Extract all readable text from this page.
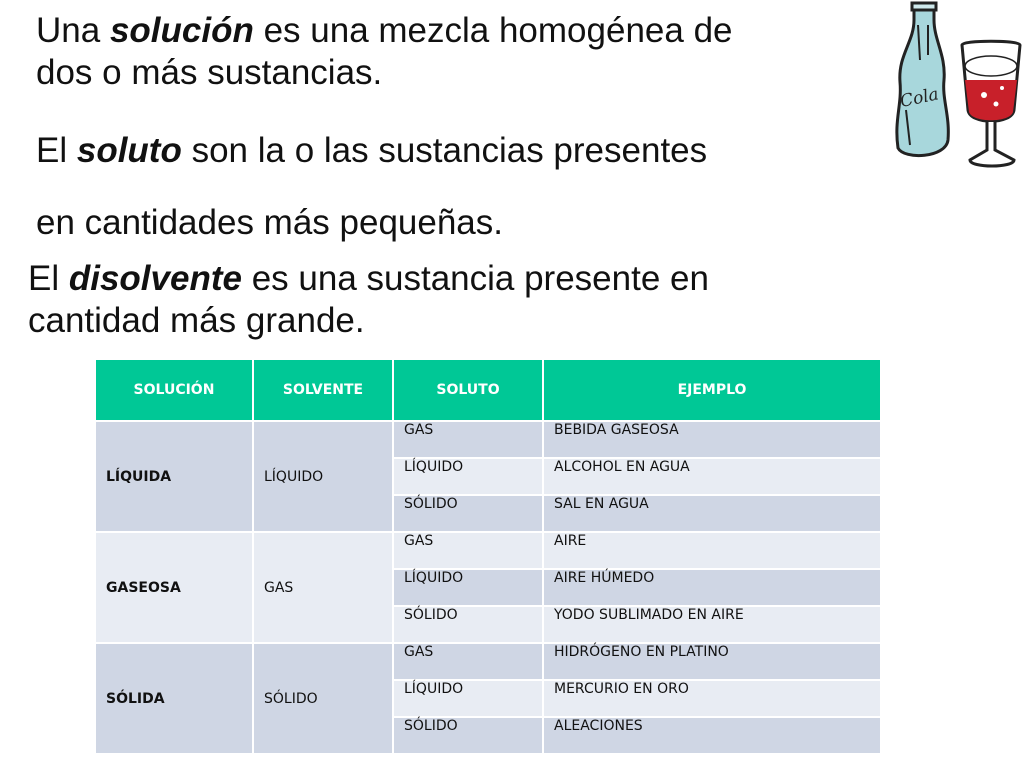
Una solución es una mezcla homogénea de
dos o más sustancias.

El soluto son la o las sustancias presentes

en cantidades más pequeñas.

El disolvente es una sustancia presente en
cantidad más grande.

Cola
SOLUCIÓN	SOLVENTE	SOLUTO	EJEMPLO
LÍQUIDA	LÍQUIDO	GAS	BEBIDA GASEOSA
		LÍQUIDO	ALCOHOL EN AGUA
		SÓLIDO	SAL EN AGUA
GASEOSA	GAS	GAS	AIRE
		LÍQUIDO	AIRE HÚMEDO
		SÓLIDO	YODO SUBLIMADO EN AIRE
SÓLIDA	SÓLIDO	GAS	HIDRÓGENO EN PLATINO
		LÍQUIDO	MERCURIO EN ORO
		SÓLIDO	ALEACIONES
